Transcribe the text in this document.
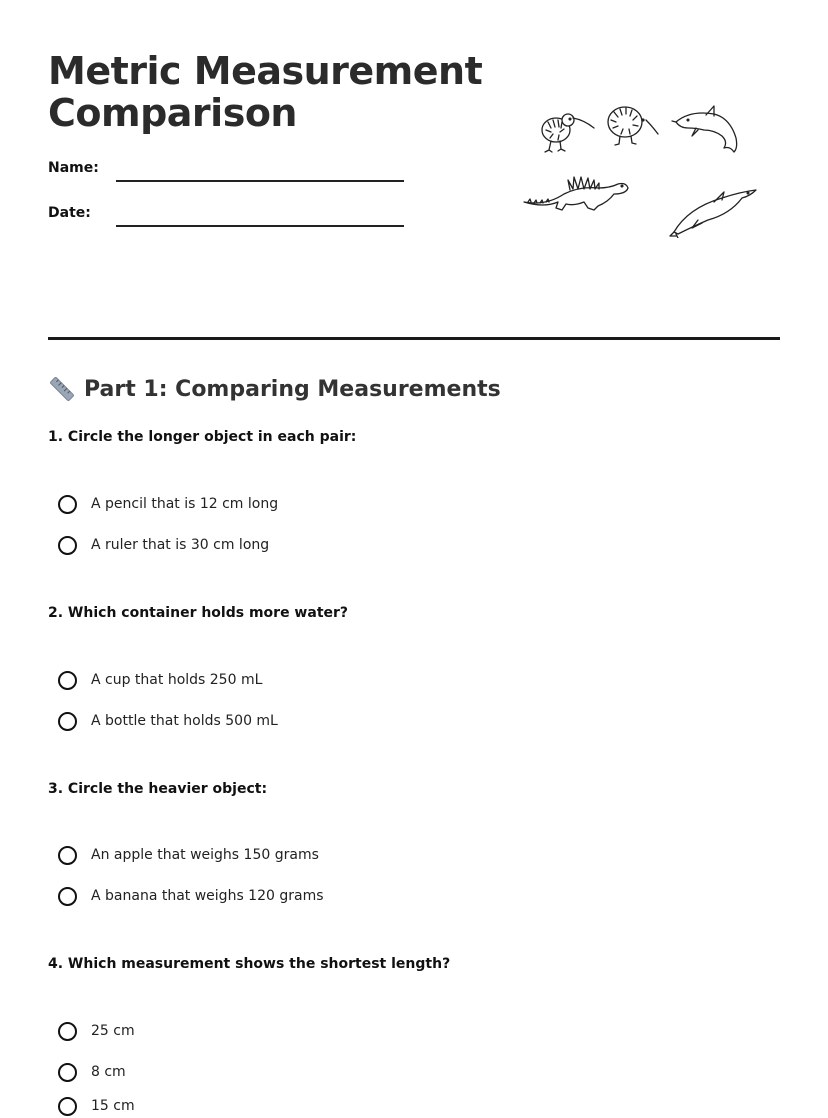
Metric Measurement
Comparison
Name:
Date:
Part 1: Comparing Measurements
1. Circle the longer object in each pair:
A pencil that is 12 cm long
A ruler that is 30 cm long
2. Which container holds more water?
A cup that holds 250 mL
A bottle that holds 500 mL
3. Circle the heavier object:
An apple that weighs 150 grams
A banana that weighs 120 grams
4. Which measurement shows the shortest length?
25 cm
8 cm
15 cm
